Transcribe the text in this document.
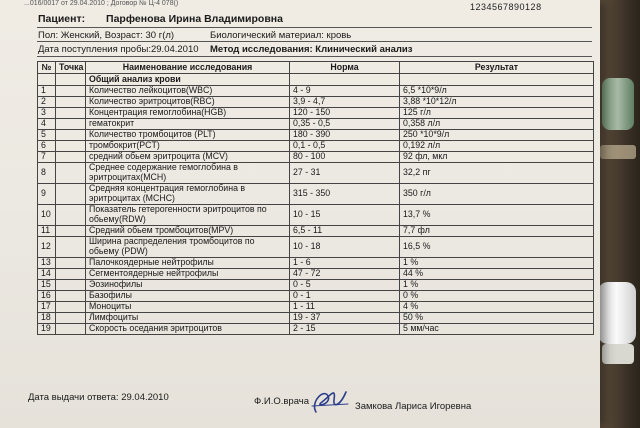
...016/0017 от 29.04.2010 ; Договор № Ц-4 078()	1234567890128
Пациент: Парфенова Ирина Владимировна
Пол: Женский, Возраст: 30 г(л)	Биологический материал: кровь
Дата поступления пробы:29.04.2010 Метод исследования: Клинический анализ
№	Точка	Наименование исследования	Норма	Результат
		Общий анализ крови		
1		Количество лейкоцитов(WBC)	4 - 9	6,5 *10*9/л
2		Количество эритроцитов(RBC)	3,9 - 4,7	3,88 *10*12/л
3		Концентрация гемоглобина(HGB)	120 - 150	125 г/л
4		гематокрит	0,35 - 0,5	0,358 л/л
5		Количество тромбоцитов (PLT)	180 - 390	250 *10*9/л
6		тромбокрит(PCT)	0,1 - 0,5	0,192 л/л
7		средний обьем эритроцита (MCV)	80 - 100	92 фл, мкл
8		Среднее содержание гемоглобина в эритроцитах(MCH)	27 - 31	32,2 пг
9		Средняя концентрация гемоглобина в эритроцитах (MCHC)	315 - 350	350 г/л
10		Показатель гетерогенности эритроцитов по обьему(RDW)	10 - 15	13,7 %
11		Средний обьем тромбоцитов(MPV)	6,5 - 11	7,7 фл
12		Ширина распределения тромбоцитов по обьему (PDW)	10 - 18	16,5 %
13		Палочкоядерные нейтрофилы	1 - 6	1 %
14		Сегментоядерные нейтрофилы	47 - 72	44 %
15		Эозинофилы	0 - 5	1 %
16		Базофилы	0 - 1	0 %
17		Моноциты	1 - 11	4 %
18		Лимфоциты	19 - 37	50 %
19		Скорость оседания эритроцитов	2 - 15	5 мм/час
Дата выдачи ответа: 29.04.2010	Ф.И.О.врача	Замкова Лариса Игоревна
